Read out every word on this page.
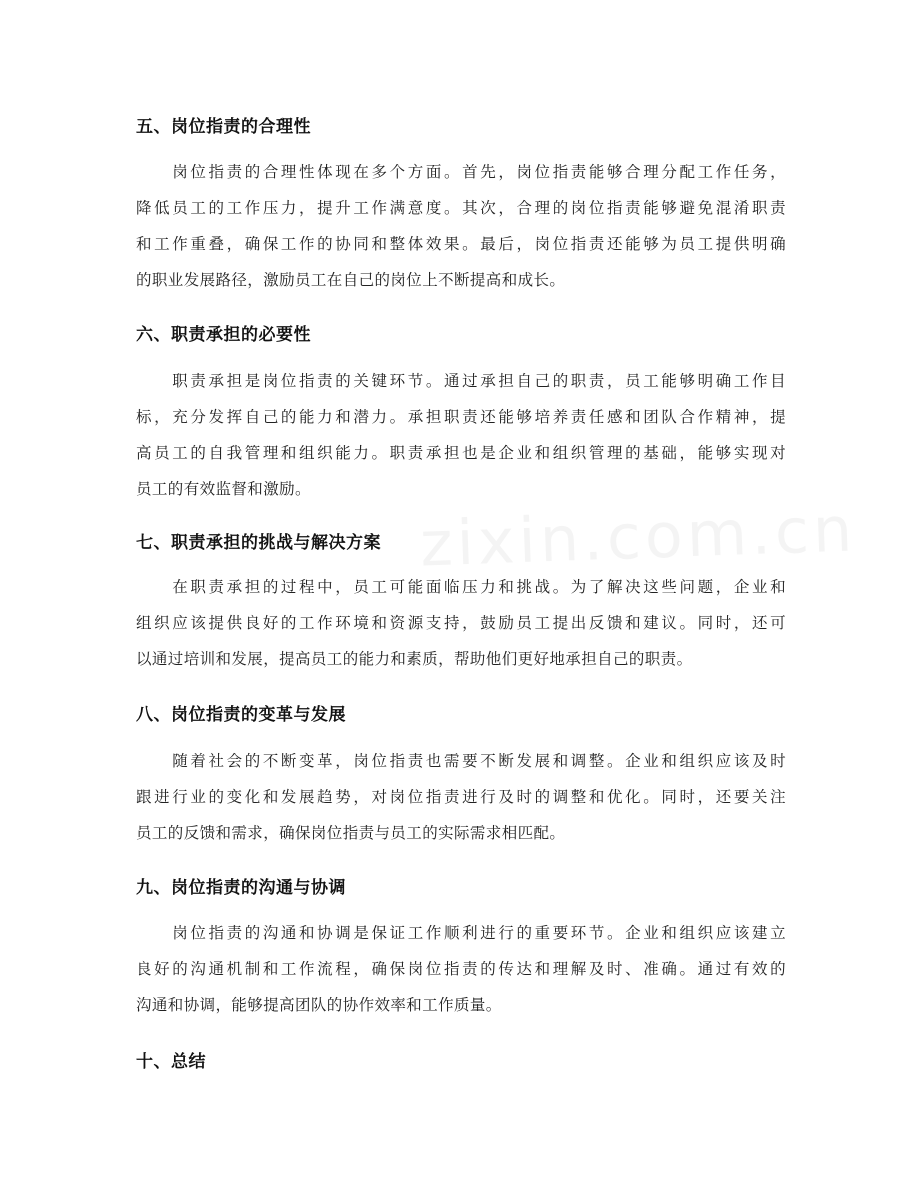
五、岗位指责的合理性
　　岗位指责的合理性体现在多个方面。首先，岗位指责能够合理分配工作任务，
降低员工的工作压力，提升工作满意度。其次，合理的岗位指责能够避免混淆职责
和工作重叠，确保工作的协同和整体效果。最后，岗位指责还能够为员工提供明确
的职业发展路径，激励员工在自己的岗位上不断提高和成长。
六、职责承担的必要性
　　职责承担是岗位指责的关键环节。通过承担自己的职责，员工能够明确工作目
标，充分发挥自己的能力和潜力。承担职责还能够培养责任感和团队合作精神，提
高员工的自我管理和组织能力。职责承担也是企业和组织管理的基础，能够实现对
员工的有效监督和激励。
七、职责承担的挑战与解决方案
　　在职责承担的过程中，员工可能面临压力和挑战。为了解决这些问题，企业和
组织应该提供良好的工作环境和资源支持，鼓励员工提出反馈和建议。同时，还可
以通过培训和发展，提高员工的能力和素质，帮助他们更好地承担自己的职责。
八、岗位指责的变革与发展
　　随着社会的不断变革，岗位指责也需要不断发展和调整。企业和组织应该及时
跟进行业的变化和发展趋势，对岗位指责进行及时的调整和优化。同时，还要关注
员工的反馈和需求，确保岗位指责与员工的实际需求相匹配。
九、岗位指责的沟通与协调
　　岗位指责的沟通和协调是保证工作顺利进行的重要环节。企业和组织应该建立
良好的沟通机制和工作流程，确保岗位指责的传达和理解及时、准确。通过有效的
沟通和协调，能够提高团队的协作效率和工作质量。
十、总结
